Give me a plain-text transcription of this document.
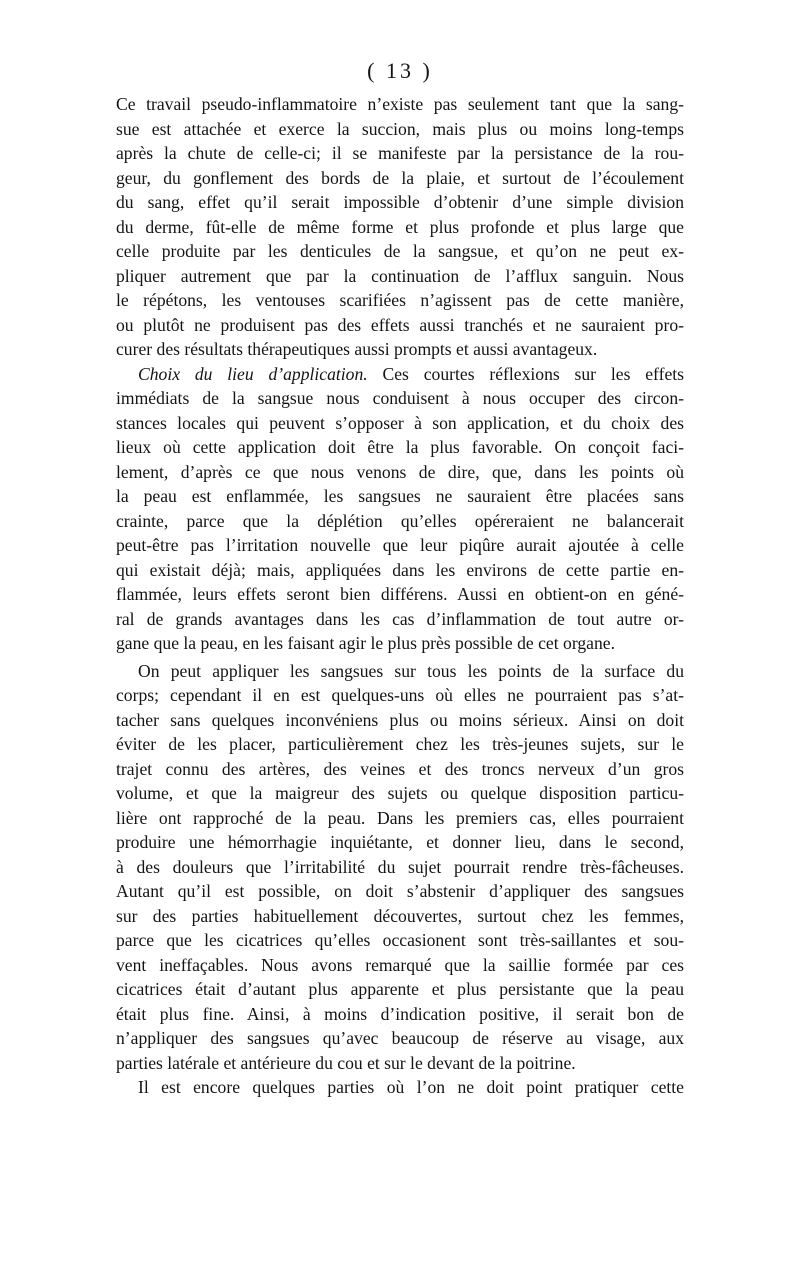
( 13 )
Ce travail pseudo-inflammatoire n’existe pas seulement tant que la sang-
sue est attachée et exerce la succion, mais plus ou moins long-temps
après la chute de celle-ci; il se manifeste par la persistance de la rou-
geur, du gonflement des bords de la plaie, et surtout de l’écoulement
du sang, effet qu’il serait impossible d’obtenir d’une simple division
du derme, fût-elle de même forme et plus profonde et plus large que
celle produite par les denticules de la sangsue, et qu’on ne peut ex-
pliquer autrement que par la continuation de l’afflux sanguin. Nous
le répétons, les ventouses scarifiées n’agissent pas de cette manière,
ou plutôt ne produisent pas des effets aussi tranchés et ne sauraient pro-
curer des résultats thérapeutiques aussi prompts et aussi avantageux.
Choix du lieu d’application. Ces courtes réflexions sur les effets
immédiats de la sangsue nous conduisent à nous occuper des circon-
stances locales qui peuvent s’opposer à son application, et du choix des
lieux où cette application doit être la plus favorable. On conçoit faci-
lement, d’après ce que nous venons de dire, que, dans les points où
la peau est enflammée, les sangsues ne sauraient être placées sans
crainte, parce que la déplétion qu’elles opéreraient ne balancerait
peut-être pas l’irritation nouvelle que leur piqûre aurait ajoutée à celle
qui existait déjà; mais, appliquées dans les environs de cette partie en-
flammée, leurs effets seront bien différens. Aussi en obtient-on en géné-
ral de grands avantages dans les cas d’inflammation de tout autre or-
gane que la peau, en les faisant agir le plus près possible de cet organe.
On peut appliquer les sangsues sur tous les points de la surface du
corps; cependant il en est quelques-uns où elles ne pourraient pas s’at-
tacher sans quelques inconvéniens plus ou moins sérieux. Ainsi on doit
éviter de les placer, particulièrement chez les très-jeunes sujets, sur le
trajet connu des artères, des veines et des troncs nerveux d’un gros
volume, et que la maigreur des sujets ou quelque disposition particu-
lière ont rapproché de la peau. Dans les premiers cas, elles pourraient
produire une hémorrhagie inquiétante, et donner lieu, dans le second,
à des douleurs que l’irritabilité du sujet pourrait rendre très-fâcheuses.
Autant qu’il est possible, on doit s’abstenir d’appliquer des sangsues
sur des parties habituellement découvertes, surtout chez les femmes,
parce que les cicatrices qu’elles occasionent sont très-saillantes et sou-
vent ineffaçables. Nous avons remarqué que la saillie formée par ces
cicatrices était d’autant plus apparente et plus persistante que la peau
était plus fine. Ainsi, à moins d’indication positive, il serait bon de
n’appliquer des sangsues qu’avec beaucoup de réserve au visage, aux
parties latérale et antérieure du cou et sur le devant de la poitrine.
Il est encore quelques parties où l’on ne doit point pratiquer cette
